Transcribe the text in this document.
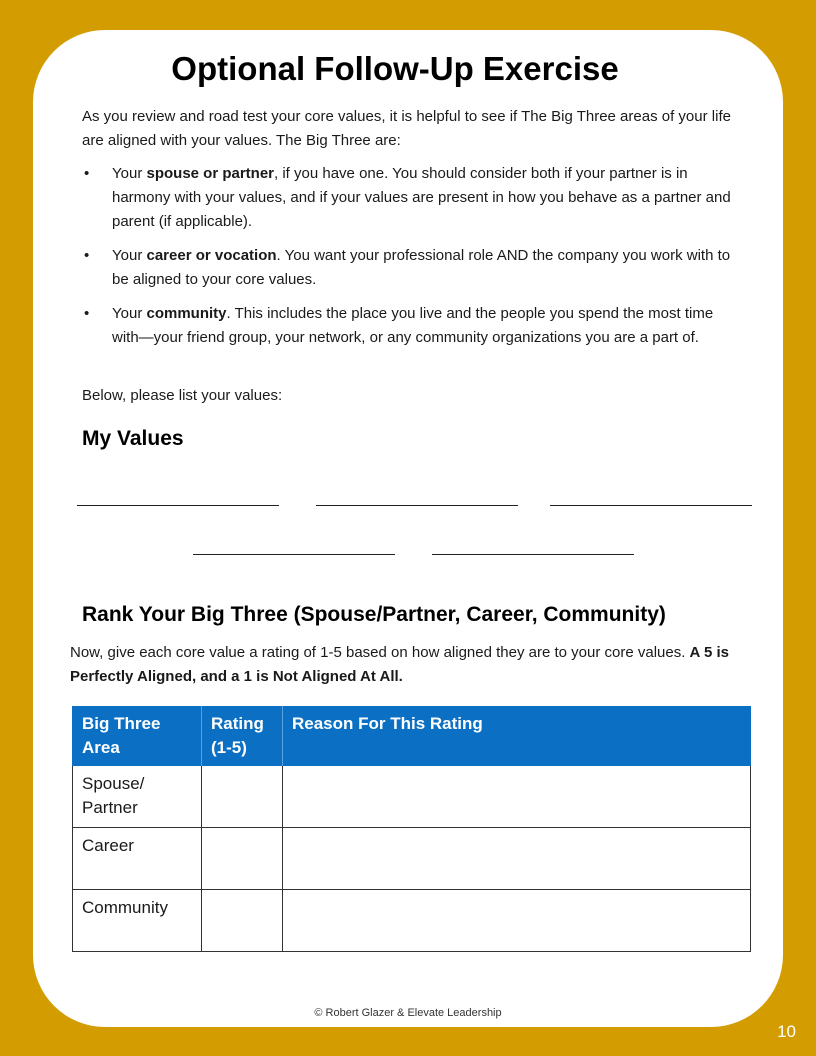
Optional Follow-Up Exercise

As you review and road test your core values, it is helpful to see if The Big Three areas of your life are aligned with your values. The Big Three are:

• Your spouse or partner, if you have one. You should consider both if your partner is in harmony with your values, and if your values are present in how you behave as a partner and parent (if applicable).
• Your career or vocation. You want your professional role AND the company you work with to be aligned to your core values.
• Your community. This includes the place you live and the people you spend the most time with—your friend group, your network, or any community organizations you are a part of.

Below, please list your values:

My Values
Rank Your Big Three (Spouse/Partner, Career, Community)

Now, give each core value a rating of 1-5 based on how aligned they are to your core values. A 5 is Perfectly Aligned, and a 1 is Not Aligned At All.

Big Three Area	Rating (1-5)	Reason For This Rating
Spouse/ Partner		
Career		
Community		
© Robert Glazer & Elevate Leadership
10
